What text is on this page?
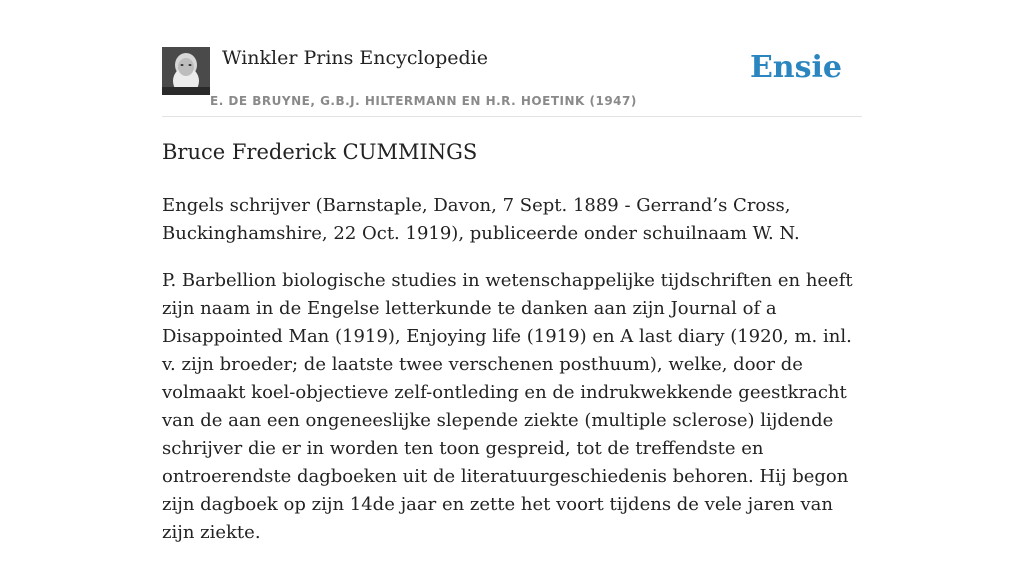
Winkler Prins Encyclopedie
E. DE BRUYNE, G.B.J. HILTERMANN EN H.R. HOETINK (1947)
Ensie
Bruce Frederick CUMMINGS

Engels schrijver (Barnstaple, Davon, 7 Sept. 1889 - Gerrand’s Cross, Buckinghamshire, 22 Oct. 1919), publiceerde onder schuilnaam W. N.

P. Barbellion biologische studies in wetenschappelijke tijdschriften en heeft zijn naam in de Engelse letterkunde te danken aan zijn Journal of a Disappointed Man (1919), Enjoying life (1919) en A last diary (1920, m. inl. v. zijn broeder; de laatste twee verschenen posthuum), welke, door de volmaakt koel-objectieve zelf-ontleding en de indrukwekkende geestkracht van de aan een ongeneeslijke slepende ziekte (multiple sclerose) lijdende schrijver die er in worden ten toon gespreid, tot de treffendste en ontroerendste dagboeken uit de literatuurgeschiedenis behoren. Hij begon zijn dagboek op zijn 14de jaar en zette het voort tijdens de vele jaren van zijn ziekte.
